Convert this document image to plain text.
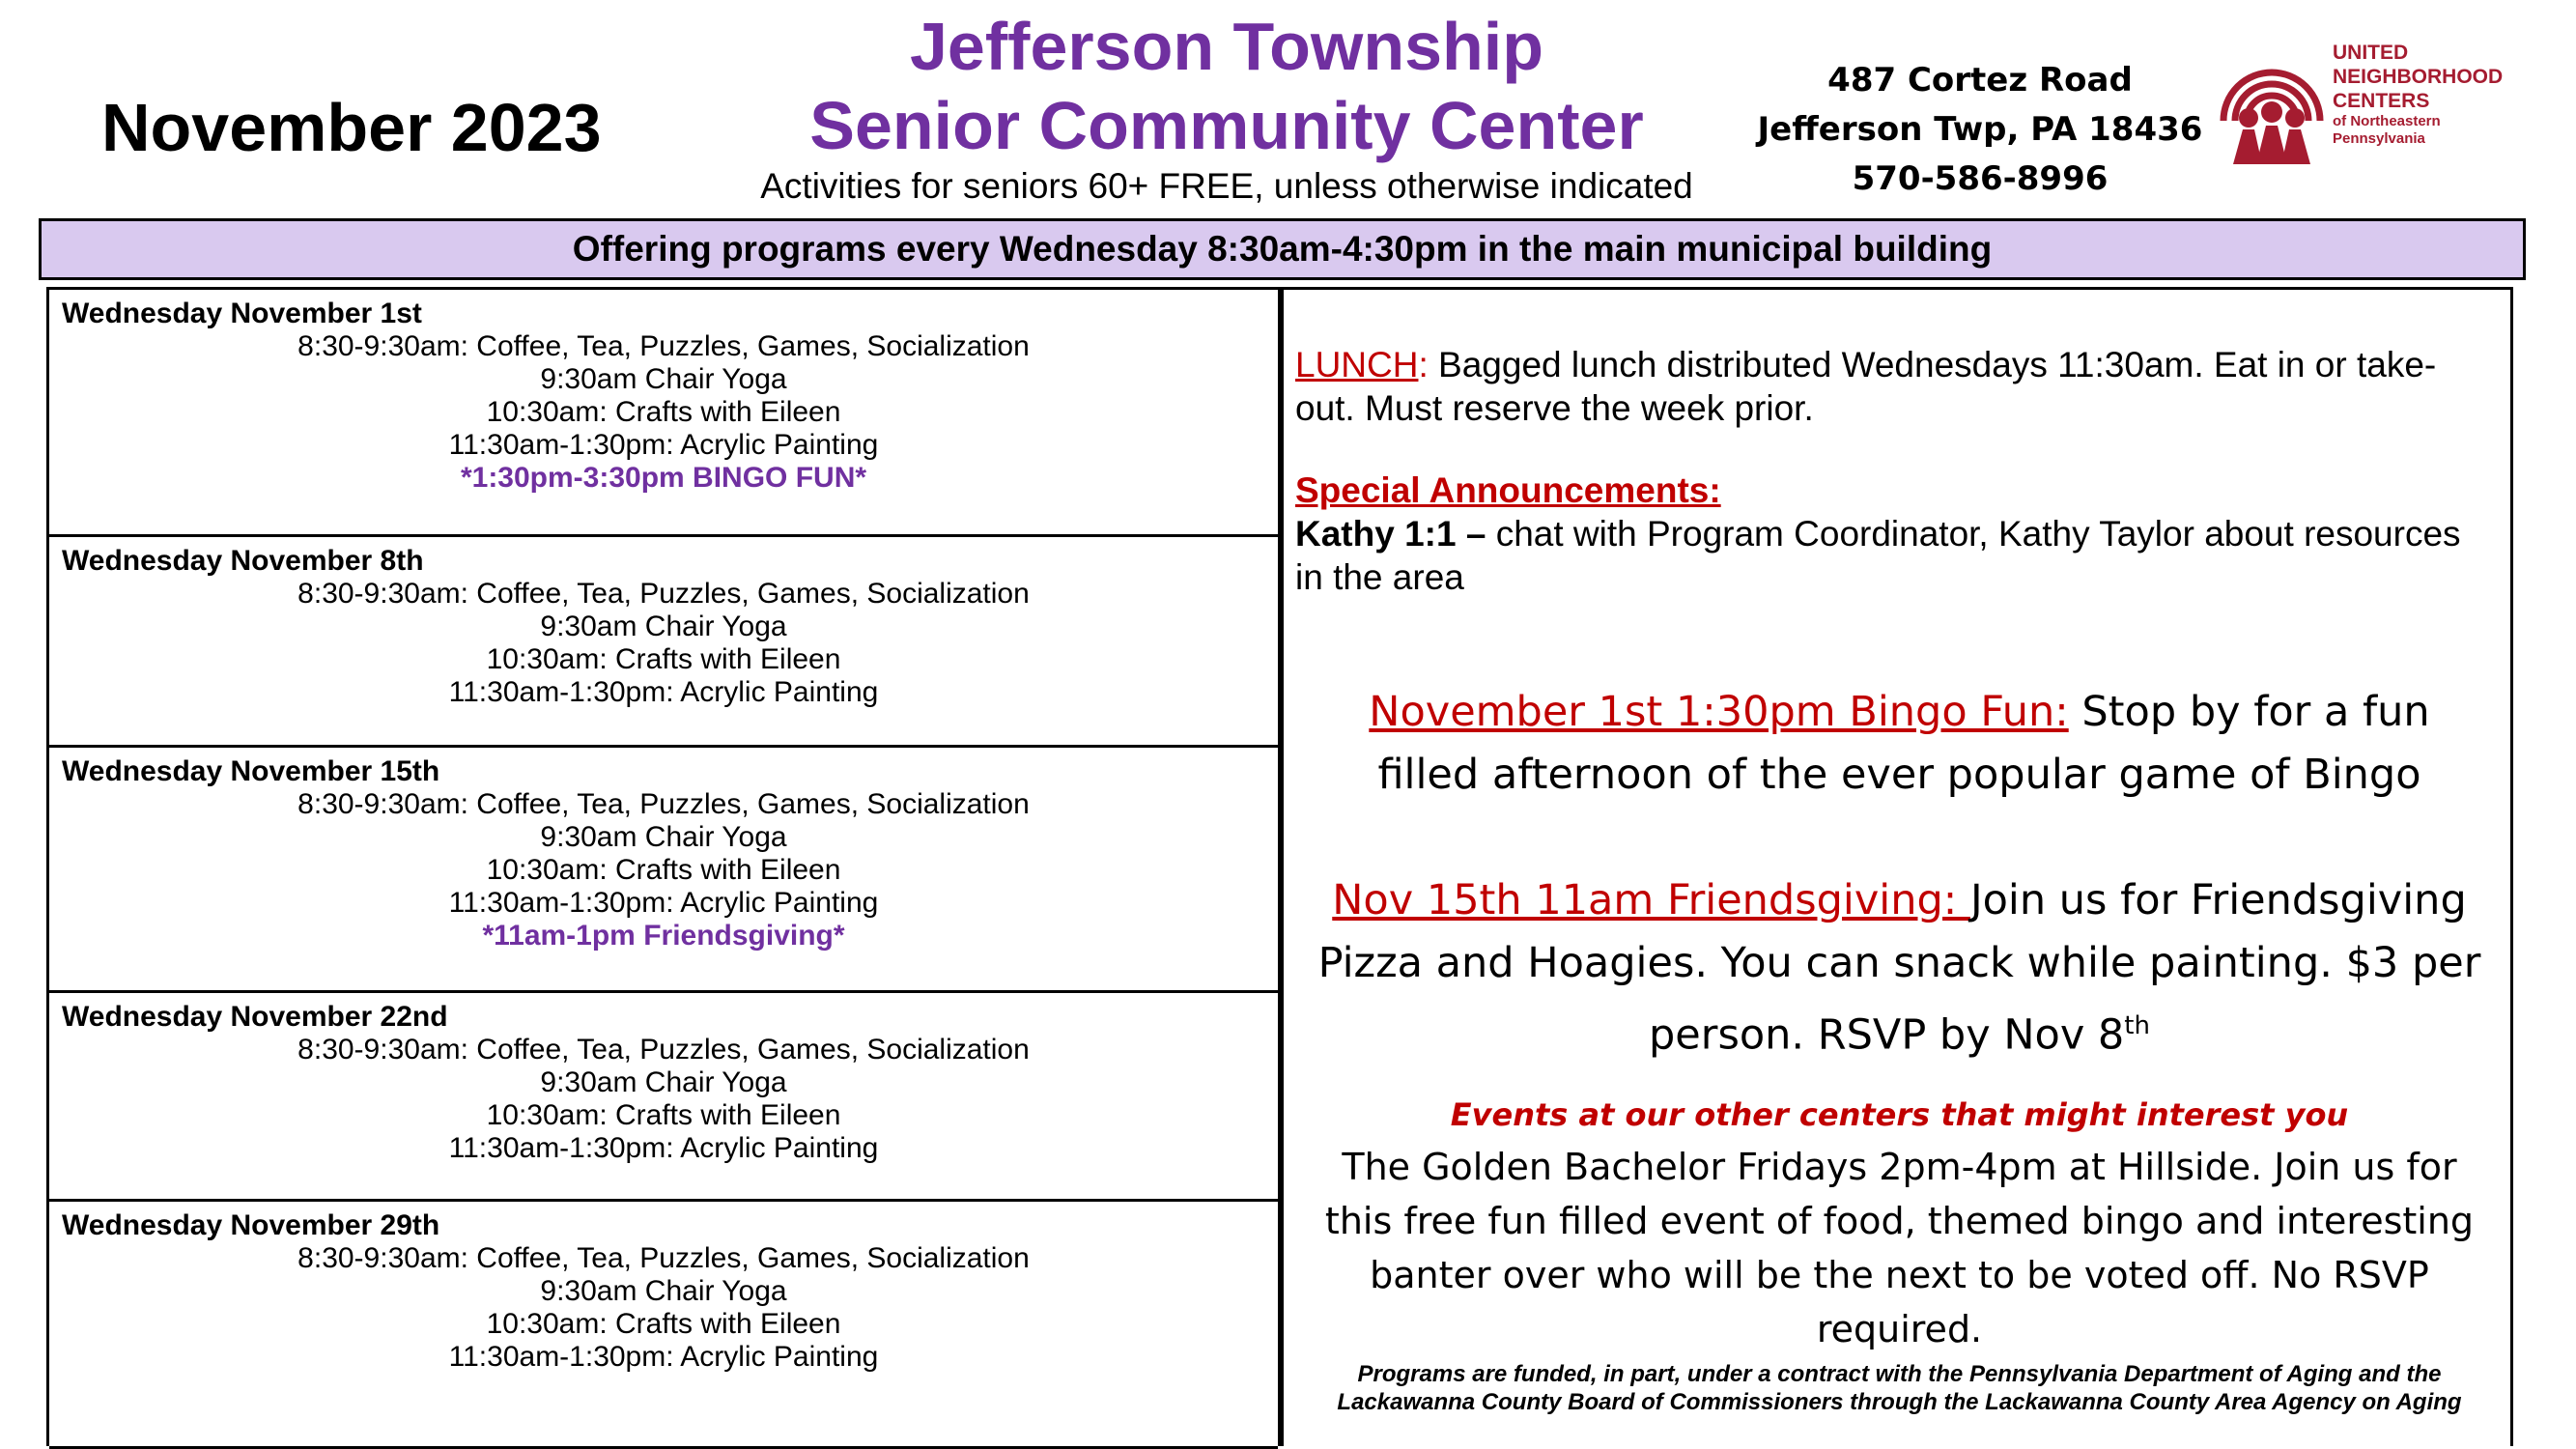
November 2023
Jefferson Township
Senior Community Center
Activities for seniors 60+ FREE, unless otherwise indicated
487 Cortez Road
Jefferson Twp, PA 18436
570-586-8996
UNITED
NEIGHBORHOOD
CENTERS
of Northeastern
Pennsylvania
Offering programs every Wednesday 8:30am-4:30pm in the main municipal building
Wednesday November 1st
8:30-9:30am: Coffee, Tea, Puzzles, Games, Socialization
9:30am Chair Yoga
10:30am: Crafts with Eileen
11:30am-1:30pm: Acrylic Painting
*1:30pm-3:30pm BINGO FUN*
Wednesday November 8th
8:30-9:30am: Coffee, Tea, Puzzles, Games, Socialization
9:30am Chair Yoga
10:30am: Crafts with Eileen
11:30am-1:30pm: Acrylic Painting
Wednesday November 15th
8:30-9:30am: Coffee, Tea, Puzzles, Games, Socialization
9:30am Chair Yoga
10:30am: Crafts with Eileen
11:30am-1:30pm: Acrylic Painting
*11am-1pm Friendsgiving*
Wednesday November 22nd
8:30-9:30am: Coffee, Tea, Puzzles, Games, Socialization
9:30am Chair Yoga
10:30am: Crafts with Eileen
11:30am-1:30pm: Acrylic Painting
Wednesday November 29th
8:30-9:30am: Coffee, Tea, Puzzles, Games, Socialization
9:30am Chair Yoga
10:30am: Crafts with Eileen
11:30am-1:30pm: Acrylic Painting
LUNCH: Bagged lunch distributed Wednesdays 11:30am. Eat in or take-out. Must reserve the week prior.
Special Announcements:
Kathy 1:1 – chat with Program Coordinator, Kathy Taylor about resources in the area
November 1st 1:30pm Bingo Fun: Stop by for a fun filled afternoon of the ever popular game of Bingo
Nov 15th 11am Friendsgiving: Join us for Friendsgiving Pizza and Hoagies. You can snack while painting. $3 per person. RSVP by Nov 8th
Events at our other centers that might interest you
The Golden Bachelor Fridays 2pm-4pm at Hillside. Join us for this free fun filled event of food, themed bingo and interesting banter over who will be the next to be voted off. No RSVP required.
Programs are funded, in part, under a contract with the Pennsylvania Department of Aging and the Lackawanna County Board of Commissioners through the Lackawanna County Area Agency on Aging
